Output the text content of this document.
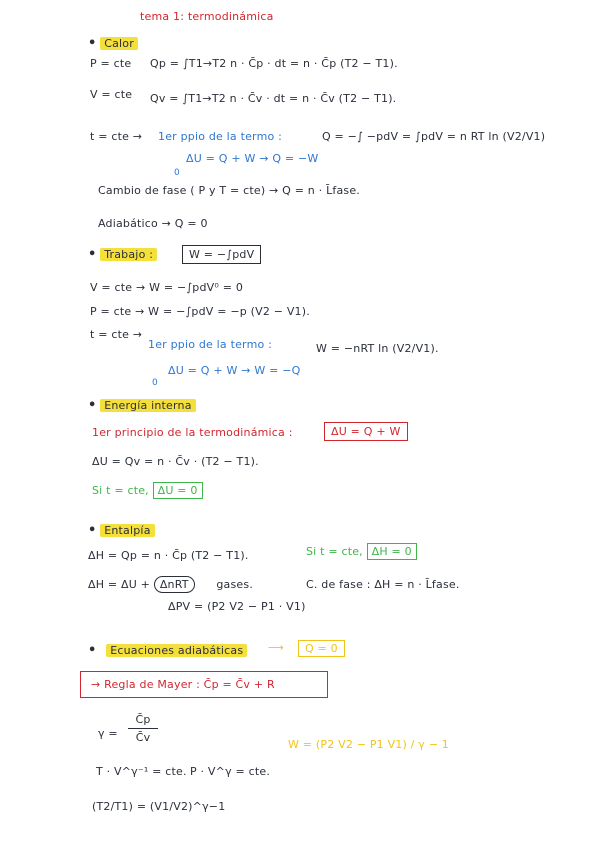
tema 1: termodinámica
• Calor
P = cte Qp = ∫T1→T2 n · C̄p · dt = n · C̄p (T2 − T1).
V = cte Qv = ∫T1→T2 n · C̄v · dt = n · C̄v (T2 − T1).
t = cte → 1er ppio de la termo :	Q = −∫ −pdV = ∫pdV = n RT ln (V2/V1)
ΔU = Q + W → Q = −W
0
Cambio de fase ( P y T = cte) → Q = n · L̄fase.
Adiabático → Q = 0
• Trabajo :	W = −∫pdV
V = cte → W = −∫pdV⁰ = 0
P = cte → W = −∫pdV = −p (V2 − V1).
t = cte →
1er ppio de la termo :	W = −nRT ln (V2/V1).
ΔU = Q + W → W = −Q
0
• Energía interna
1er principio de la termodinámica :	ΔU = Q + W
ΔU = Qv = n · C̄v · (T2 − T1).
Si t = cte, ΔU = 0
• Entalpía
ΔH = Qp = n · C̄p (T2 − T1).	Si t = cte, ΔH = 0
ΔH = ΔU + ΔnRT	gases.	C. de fase : ΔH = n · L̄fase.
ΔPV = (P2 V2 − P1 · V1)
• Ecuaciones adiabáticas	⟶	Q = 0
→ Regla de Mayer : C̄p = C̄v + R
γ =
C̄p
C̄v
W = (P2 V2 − P1 V1) / γ − 1
T · V^γ⁻¹ = cte. P · V^γ = cte.
(T2/T1) = (V1/V2)^γ−1
